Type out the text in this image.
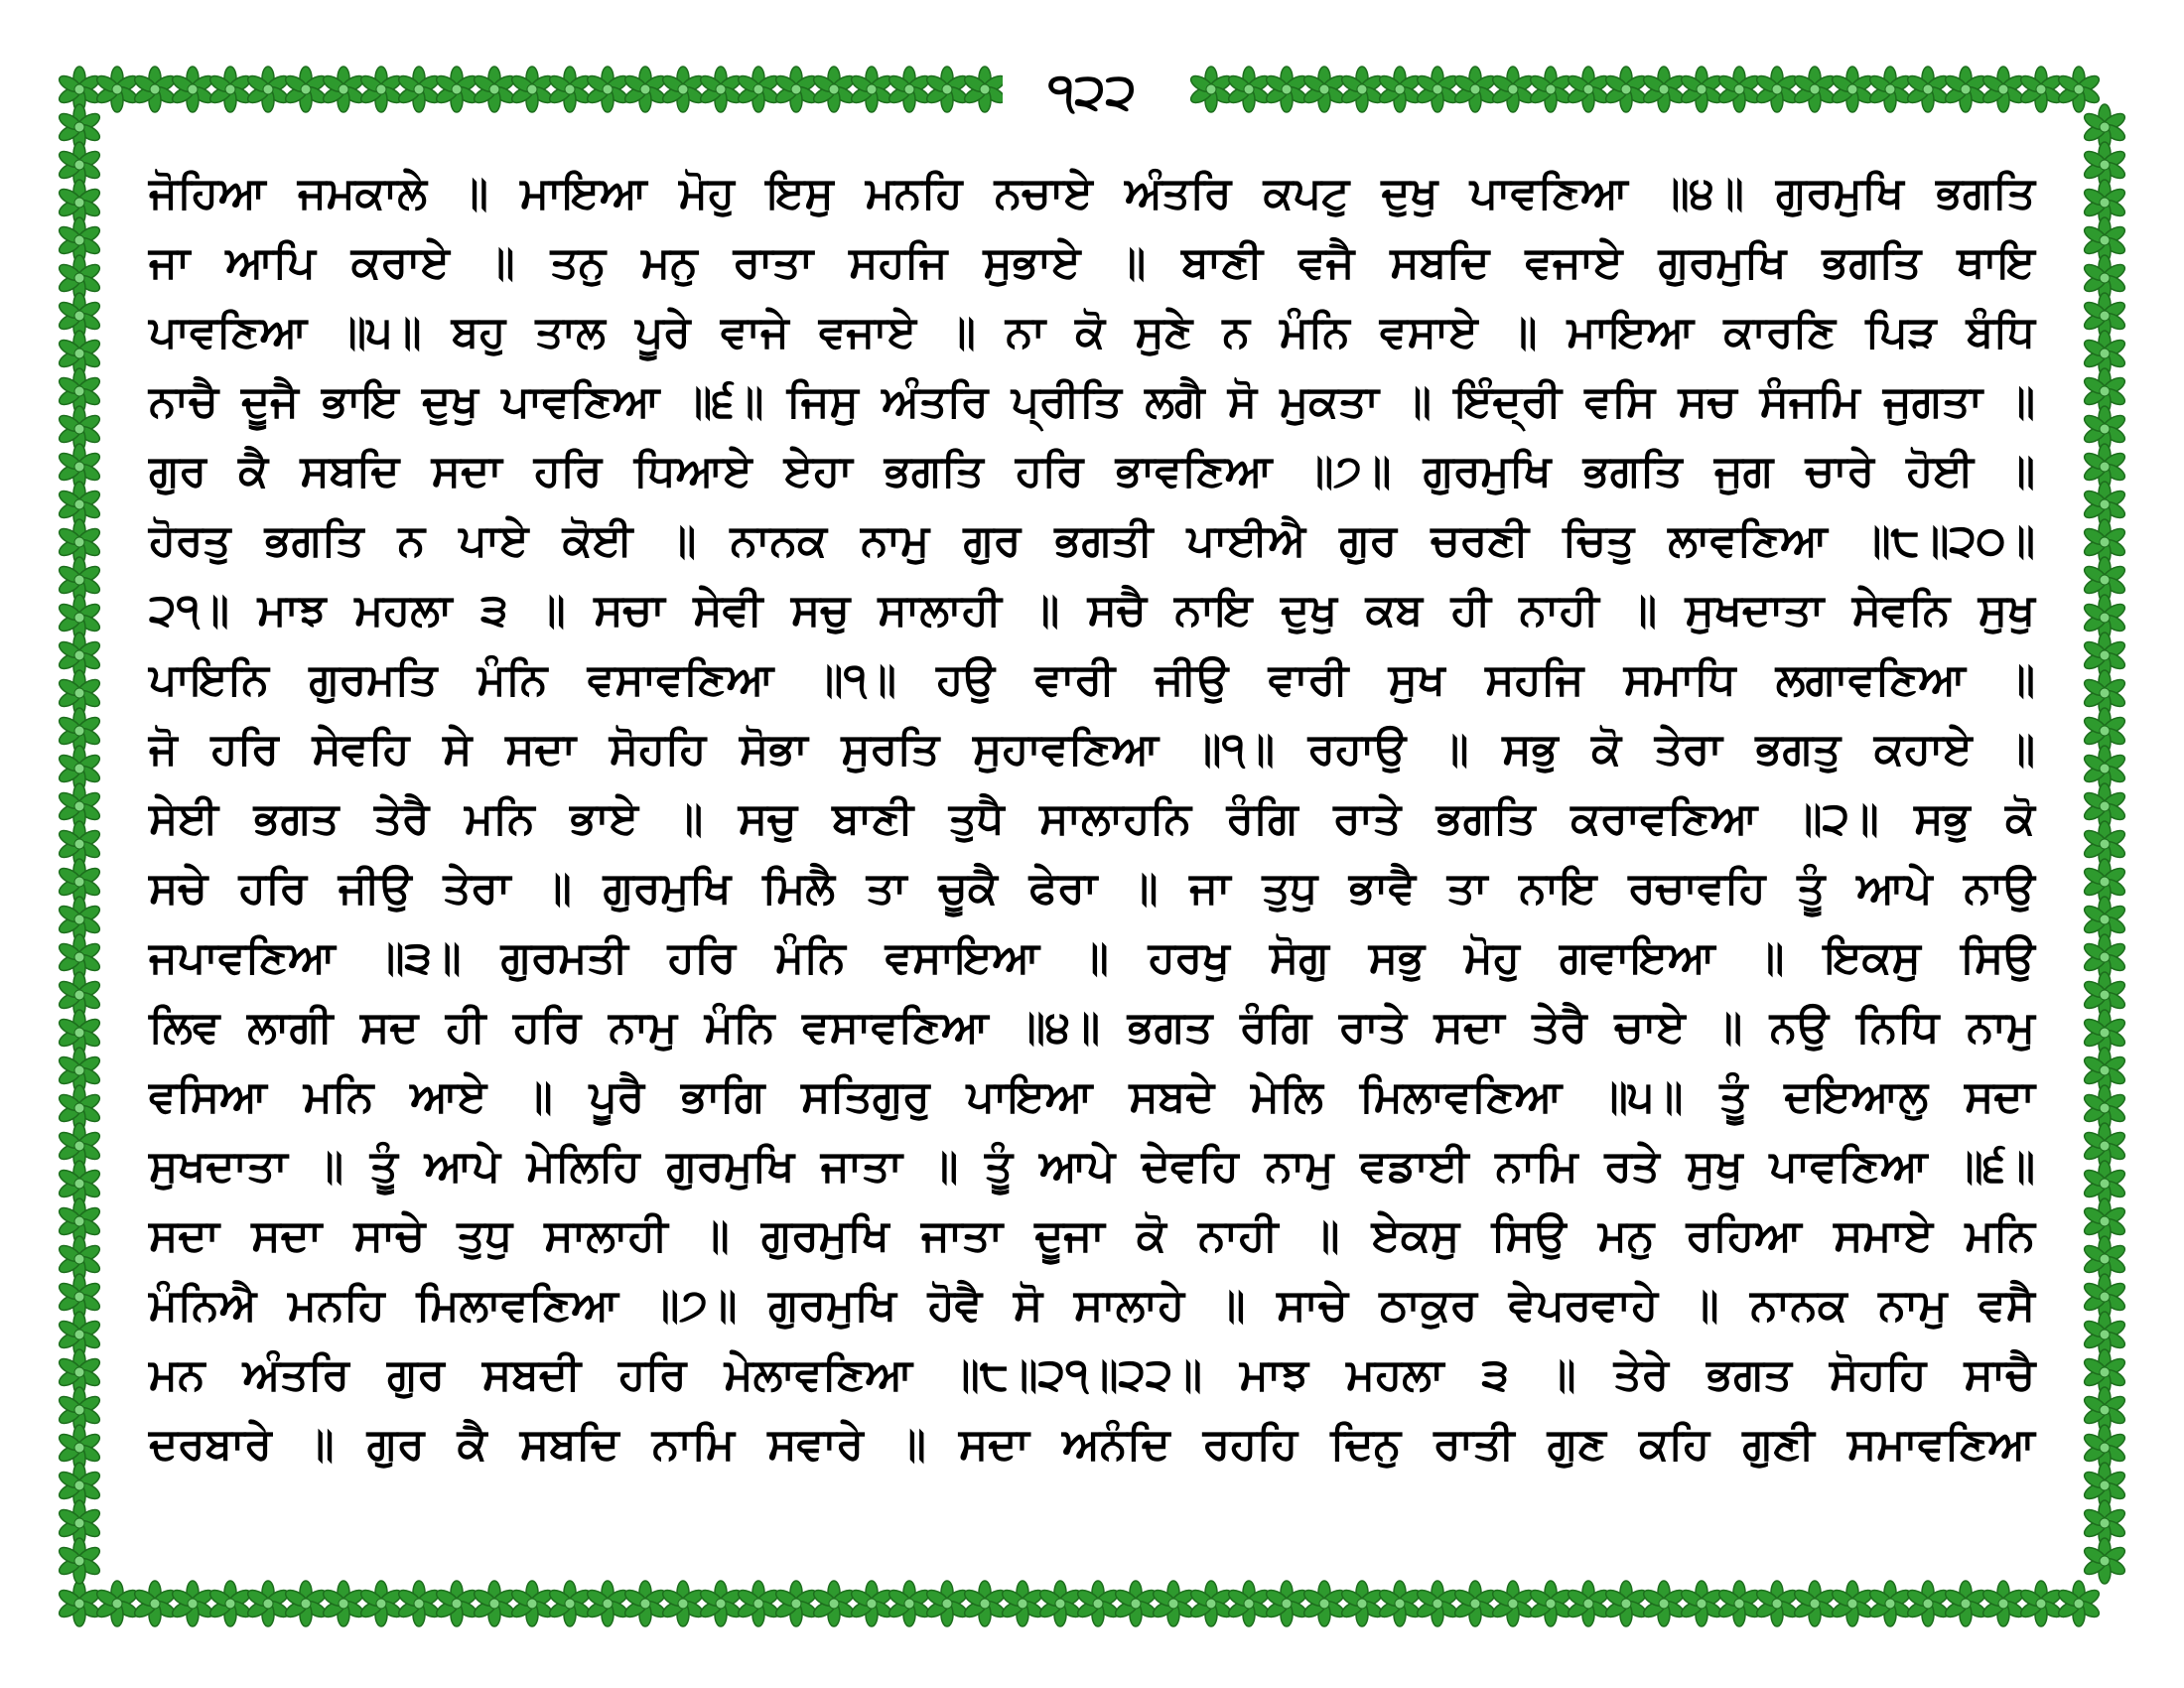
੧੨੨
ਜੋਹਿਆ ਜਮਕਾਲੇ ॥ ਮਾਇਆ ਮੋਹੁ ਇਸੁ ਮਨਹਿ ਨਚਾਏ ਅੰਤਰਿ ਕਪਟੁ ਦੁਖੁ ਪਾਵਣਿਆ ॥੪॥ ਗੁਰਮੁਖਿ ਭਗਤਿ
ਜਾ ਆਪਿ ਕਰਾਏ ॥ ਤਨੁ ਮਨੁ ਰਾਤਾ ਸਹਜਿ ਸੁਭਾਏ ॥ ਬਾਣੀ ਵਜੈ ਸਬਦਿ ਵਜਾਏ ਗੁਰਮੁਖਿ ਭਗਤਿ ਥਾਇ
ਪਾਵਣਿਆ ॥੫॥ ਬਹੁ ਤਾਲ ਪੂਰੇ ਵਾਜੇ ਵਜਾਏ ॥ ਨਾ ਕੋ ਸੁਣੇ ਨ ਮੰਨਿ ਵਸਾਏ ॥ ਮਾਇਆ ਕਾਰਣਿ ਪਿੜ ਬੰਧਿ
ਨਾਚੈ ਦੂਜੈ ਭਾਇ ਦੁਖੁ ਪਾਵਣਿਆ ॥੬॥ ਜਿਸੁ ਅੰਤਰਿ ਪ੍ਰੀਤਿ ਲਗੈ ਸੋ ਮੁਕਤਾ ॥ ਇੰਦ੍ਰੀ ਵਸਿ ਸਚ ਸੰਜਮਿ ਜੁਗਤਾ ॥
ਗੁਰ ਕੈ ਸਬਦਿ ਸਦਾ ਹਰਿ ਧਿਆਏ ਏਹਾ ਭਗਤਿ ਹਰਿ ਭਾਵਣਿਆ ॥੭॥ ਗੁਰਮੁਖਿ ਭਗਤਿ ਜੁਗ ਚਾਰੇ ਹੋਈ ॥
ਹੋਰਤੁ ਭਗਤਿ ਨ ਪਾਏ ਕੋਈ ॥ ਨਾਨਕ ਨਾਮੁ ਗੁਰ ਭਗਤੀ ਪਾਈਐ ਗੁਰ ਚਰਣੀ ਚਿਤੁ ਲਾਵਣਿਆ ॥੮॥੨੦॥
੨੧॥ ਮਾਝ ਮਹਲਾ ੩ ॥ ਸਚਾ ਸੇਵੀ ਸਚੁ ਸਾਲਾਹੀ ॥ ਸਚੈ ਨਾਇ ਦੁਖੁ ਕਬ ਹੀ ਨਾਹੀ ॥ ਸੁਖਦਾਤਾ ਸੇਵਨਿ ਸੁਖੁ
ਪਾਇਨਿ ਗੁਰਮਤਿ ਮੰਨਿ ਵਸਾਵਣਿਆ ॥੧॥ ਹਉ ਵਾਰੀ ਜੀਉ ਵਾਰੀ ਸੁਖ ਸਹਜਿ ਸਮਾਧਿ ਲਗਾਵਣਿਆ ॥
ਜੋ ਹਰਿ ਸੇਵਹਿ ਸੇ ਸਦਾ ਸੋਹਹਿ ਸੋਭਾ ਸੁਰਤਿ ਸੁਹਾਵਣਿਆ ॥੧॥ ਰਹਾਉ ॥ ਸਭੁ ਕੋ ਤੇਰਾ ਭਗਤੁ ਕਹਾਏ ॥
ਸੇਈ ਭਗਤ ਤੇਰੈ ਮਨਿ ਭਾਏ ॥ ਸਚੁ ਬਾਣੀ ਤੁਧੈ ਸਾਲਾਹਨਿ ਰੰਗਿ ਰਾਤੇ ਭਗਤਿ ਕਰਾਵਣਿਆ ॥੨॥ ਸਭੁ ਕੋ
ਸਚੇ ਹਰਿ ਜੀਉ ਤੇਰਾ ॥ ਗੁਰਮੁਖਿ ਮਿਲੈ ਤਾ ਚੂਕੈ ਫੇਰਾ ॥ ਜਾ ਤੁਧੁ ਭਾਵੈ ਤਾ ਨਾਇ ਰਚਾਵਹਿ ਤੂੰ ਆਪੇ ਨਾਉ
ਜਪਾਵਣਿਆ ॥੩॥ ਗੁਰਮਤੀ ਹਰਿ ਮੰਨਿ ਵਸਾਇਆ ॥ ਹਰਖੁ ਸੋਗੁ ਸਭੁ ਮੋਹੁ ਗਵਾਇਆ ॥ ਇਕਸੁ ਸਿਉ
ਲਿਵ ਲਾਗੀ ਸਦ ਹੀ ਹਰਿ ਨਾਮੁ ਮੰਨਿ ਵਸਾਵਣਿਆ ॥੪॥ ਭਗਤ ਰੰਗਿ ਰਾਤੇ ਸਦਾ ਤੇਰੈ ਚਾਏ ॥ ਨਉ ਨਿਧਿ ਨਾਮੁ
ਵਸਿਆ ਮਨਿ ਆਏ ॥ ਪੂਰੈ ਭਾਗਿ ਸਤਿਗੁਰੁ ਪਾਇਆ ਸਬਦੇ ਮੇਲਿ ਮਿਲਾਵਣਿਆ ॥੫॥ ਤੂੰ ਦਇਆਲੁ ਸਦਾ
ਸੁਖਦਾਤਾ ॥ ਤੂੰ ਆਪੇ ਮੇਲਿਹਿ ਗੁਰਮੁਖਿ ਜਾਤਾ ॥ ਤੂੰ ਆਪੇ ਦੇਵਹਿ ਨਾਮੁ ਵਡਾਈ ਨਾਮਿ ਰਤੇ ਸੁਖੁ ਪਾਵਣਿਆ ॥੬॥
ਸਦਾ ਸਦਾ ਸਾਚੇ ਤੁਧੁ ਸਾਲਾਹੀ ॥ ਗੁਰਮੁਖਿ ਜਾਤਾ ਦੂਜਾ ਕੋ ਨਾਹੀ ॥ ਏਕਸੁ ਸਿਉ ਮਨੁ ਰਹਿਆ ਸਮਾਏ ਮਨਿ
ਮੰਨਿਐ ਮਨਹਿ ਮਿਲਾਵਣਿਆ ॥੭॥ ਗੁਰਮੁਖਿ ਹੋਵੈ ਸੋ ਸਾਲਾਹੇ ॥ ਸਾਚੇ ਠਾਕੁਰ ਵੇਪਰਵਾਹੇ ॥ ਨਾਨਕ ਨਾਮੁ ਵਸੈ
ਮਨ ਅੰਤਰਿ ਗੁਰ ਸਬਦੀ ਹਰਿ ਮੇਲਾਵਣਿਆ ॥੮॥੨੧॥੨੨॥ ਮਾਝ ਮਹਲਾ ੩ ॥ ਤੇਰੇ ਭਗਤ ਸੋਹਹਿ ਸਾਚੈ
ਦਰਬਾਰੇ ॥ ਗੁਰ ਕੈ ਸਬਦਿ ਨਾਮਿ ਸਵਾਰੇ ॥ ਸਦਾ ਅਨੰਦਿ ਰਹਹਿ ਦਿਨੁ ਰਾਤੀ ਗੁਣ ਕਹਿ ਗੁਣੀ ਸਮਾਵਣਿਆ
